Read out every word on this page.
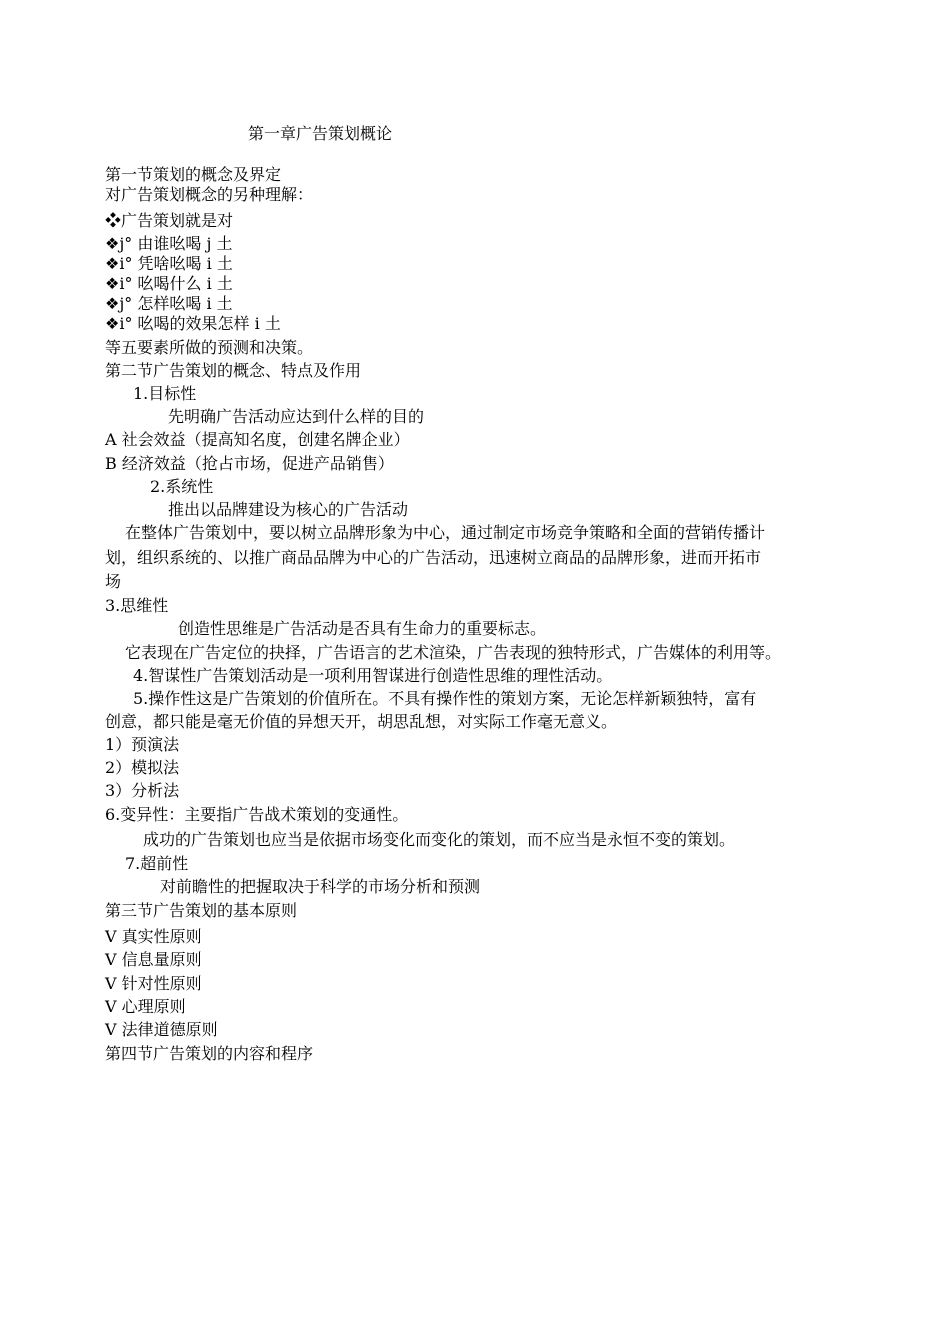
第一章广告策划概论
第一节策划的概念及界定
对广告策划概念的另种理解：
❖广告策划就是对
❖j° 由谁吆喝 j 土
❖i° 凭啥吆喝 i 土
❖i° 吆喝什么 i 土
❖j° 怎样吆喝 i 土
❖i° 吆喝的效果怎样 i 土
等五要素所做的预测和决策。
第二节广告策划的概念、特点及作用
1.目标性
先明确广告活动应达到什么样的目的
A 社会效益（提高知名度，创建名牌企业）
B 经济效益（抢占市场，促进产品销售）
2.系统性
推出以品牌建设为核心的广告活动
在整体广告策划中，要以树立品牌形象为中心，通过制定市场竞争策略和全面的营销传播计
划，组织系统的、以推广商品品牌为中心的广告活动，迅速树立商品的品牌形象，进而开拓市
场
3.思维性
创造性思维是广告活动是否具有生命力的重要标志。
它表现在广告定位的抉择，广告语言的艺术渲染，广告表现的独特形式，广告媒体的利用等。
4.智谋性广告策划活动是一项利用智谋进行创造性思维的理性活动。
5.操作性这是广告策划的价值所在。不具有操作性的策划方案，无论怎样新颖独特，富有
创意，都只能是毫无价值的异想天开，胡思乱想，对实际工作毫无意义。
1）预演法
2）模拟法
3）分析法
6.变异性：主要指广告战术策划的变通性。
成功的广告策划也应当是依据市场变化而变化的策划，而不应当是永恒不变的策划。
7.超前性
对前瞻性的把握取决于科学的市场分析和预测
第三节广告策划的基本原则
V 真实性原则
V 信息量原则
V 针对性原则
V 心理原则
V 法律道德原则
第四节广告策划的内容和程序
